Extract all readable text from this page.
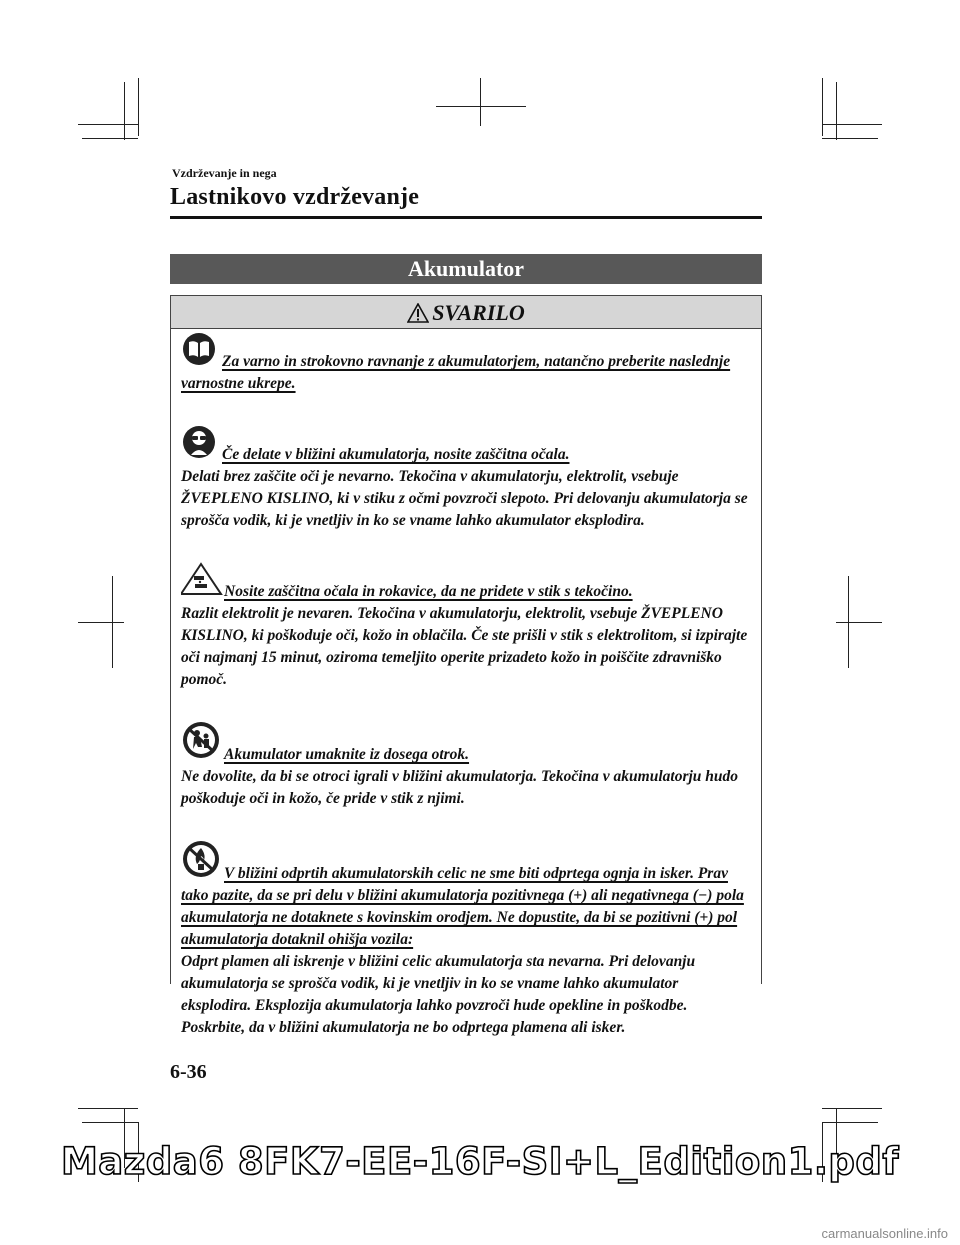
Vzdrževanje in nega
Lastnikovo vzdrževanje
Akumulator
SVARILO
Za varno in strokovno ravnanje z akumulatorjem, natančno preberite naslednje varnostne ukrepe.
Če delate v bližini akumulatorja, nosite zaščitna očala.

Delati brez zaščite oči je nevarno. Tekočina v akumulatorju, elektrolit, vsebuje ŽVEPLENO KISLINO, ki v stiku z očmi povzroči slepoto. Pri delovanju akumulatorja se sprošča vodik, ki je vnetljiv in ko se vname lahko akumulator eksplodira.

Nosite zaščitna očala in rokavice, da ne pridete v stik s tekočino.

Razlit elektrolit je nevaren. Tekočina v akumulatorju, elektrolit, vsebuje ŽVEPLENO KISLINO, ki poškoduje oči, kožo in oblačila. Če ste prišli v stik s elektrolitom, si izpirajte oči najmanj 15 minut, oziroma temeljito operite prizadeto kožo in poiščite zdravniško pomoč.

Akumulator umaknite iz dosega otrok.

Ne dovolite, da bi se otroci igrali v bližini akumulatorja. Tekočina v akumulatorju hudo poškoduje oči in kožo, če pride v stik z njimi.

V bližini odprtih akumulatorskih celic ne sme biti odprtega ognja in isker. Prav tako pazite, da se pri delu v bližini akumulatorja pozitivnega (+) ali negativnega (−) pola akumulatorja ne dotaknete s kovinskim orodjem. Ne dopustite, da bi se pozitivni (+) pol akumulatorja dotaknil ohišja vozila:

Odprt plamen ali iskrenje v bližini celic akumulatorja sta nevarna. Pri delovanju akumulatorja se sprošča vodik, ki je vnetljiv in ko se vname lahko akumulator eksplodira. Eksplozija akumulatorja lahko povzroči hude opekline in poškodbe. Poskrbite, da v bližini akumulatorja ne bo odprtega plamena ali isker.

6-36
Mazda6 8FK7-EE-16F-SI+L_Edition1.pdf
carmanualsonline.info
